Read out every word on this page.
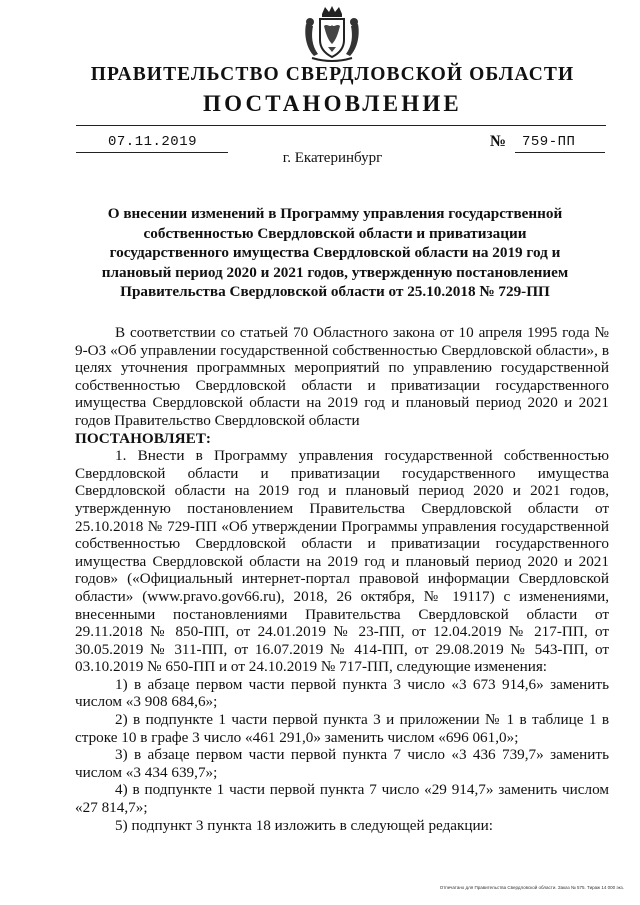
ПРАВИТЕЛЬСТВО СВЕРДЛОВСКОЙ ОБЛАСТИ
ПОСТАНОВЛЕНИЕ
07.11.2019	№ 759-ПП
г. Екатеринбург
О внесении изменений в Программу управления государственной собственностью Свердловской области и приватизации государственного имущества Свердловской области на 2019 год и плановый период 2020 и 2021 годов, утвержденную постановлением Правительства Свердловской области от 25.10.2018 № 729-ПП

В соответствии со статьей 70 Областного закона от 10 апреля 1995 года № 9-ОЗ «Об управлении государственной собственностью Свердловской области», в целях уточнения программных мероприятий по управлению государственной собственностью Свердловской области и приватизации государственного имущества Свердловской области на 2019 год и плановый период 2020 и 2021 годов Правительство Свердловской области

ПОСТАНОВЛЯЕТ:

1. Внести в Программу управления государственной собственностью Свердловской области и приватизации государственного имущества Свердловской области на 2019 год и плановый период 2020 и 2021 годов, утвержденную постановлением Правительства Свердловской области от 25.10.2018 № 729-ПП «Об утверждении Программы управления государственной собственностью Свердловской области и приватизации государственного имущества Свердловской области на 2019 год и плановый период 2020 и 2021 годов» («Официальный интернет-портал правовой информации Свердловской области» (www.pravo.gov66.ru), 2018, 26 октября, № 19117) с изменениями, внесенными постановлениями Правительства Свердловской области от 29.11.2018 № 850-ПП, от 24.01.2019 № 23-ПП, от 12.04.2019 № 217-ПП, от 30.05.2019 № 311-ПП, от 16.07.2019 № 414-ПП, от 29.08.2019 № 543-ПП, от 03.10.2019 № 650-ПП и от 24.10.2019 № 717-ПП, следующие изменения:

1) в абзаце первом части первой пункта 3 число «3 673 914,6» заменить числом «3 908 684,6»;

2) в подпункте 1 части первой пункта 3 и приложении № 1 в таблице 1 в строке 10 в графе 3 число «461 291,0» заменить числом «696 061,0»;

3) в абзаце первом части первой пункта 7 число «3 436 739,7» заменить числом «3 434 639,7»;

4) в подпункте 1 части первой пункта 7 число «29 914,7» заменить числом «27 814,7»;

5) подпункт 3 пункта 18 изложить в следующей редакции:

Отпечатано для Правительства Свердловской области. Заказ № 575. Тираж 14 000 экз.
